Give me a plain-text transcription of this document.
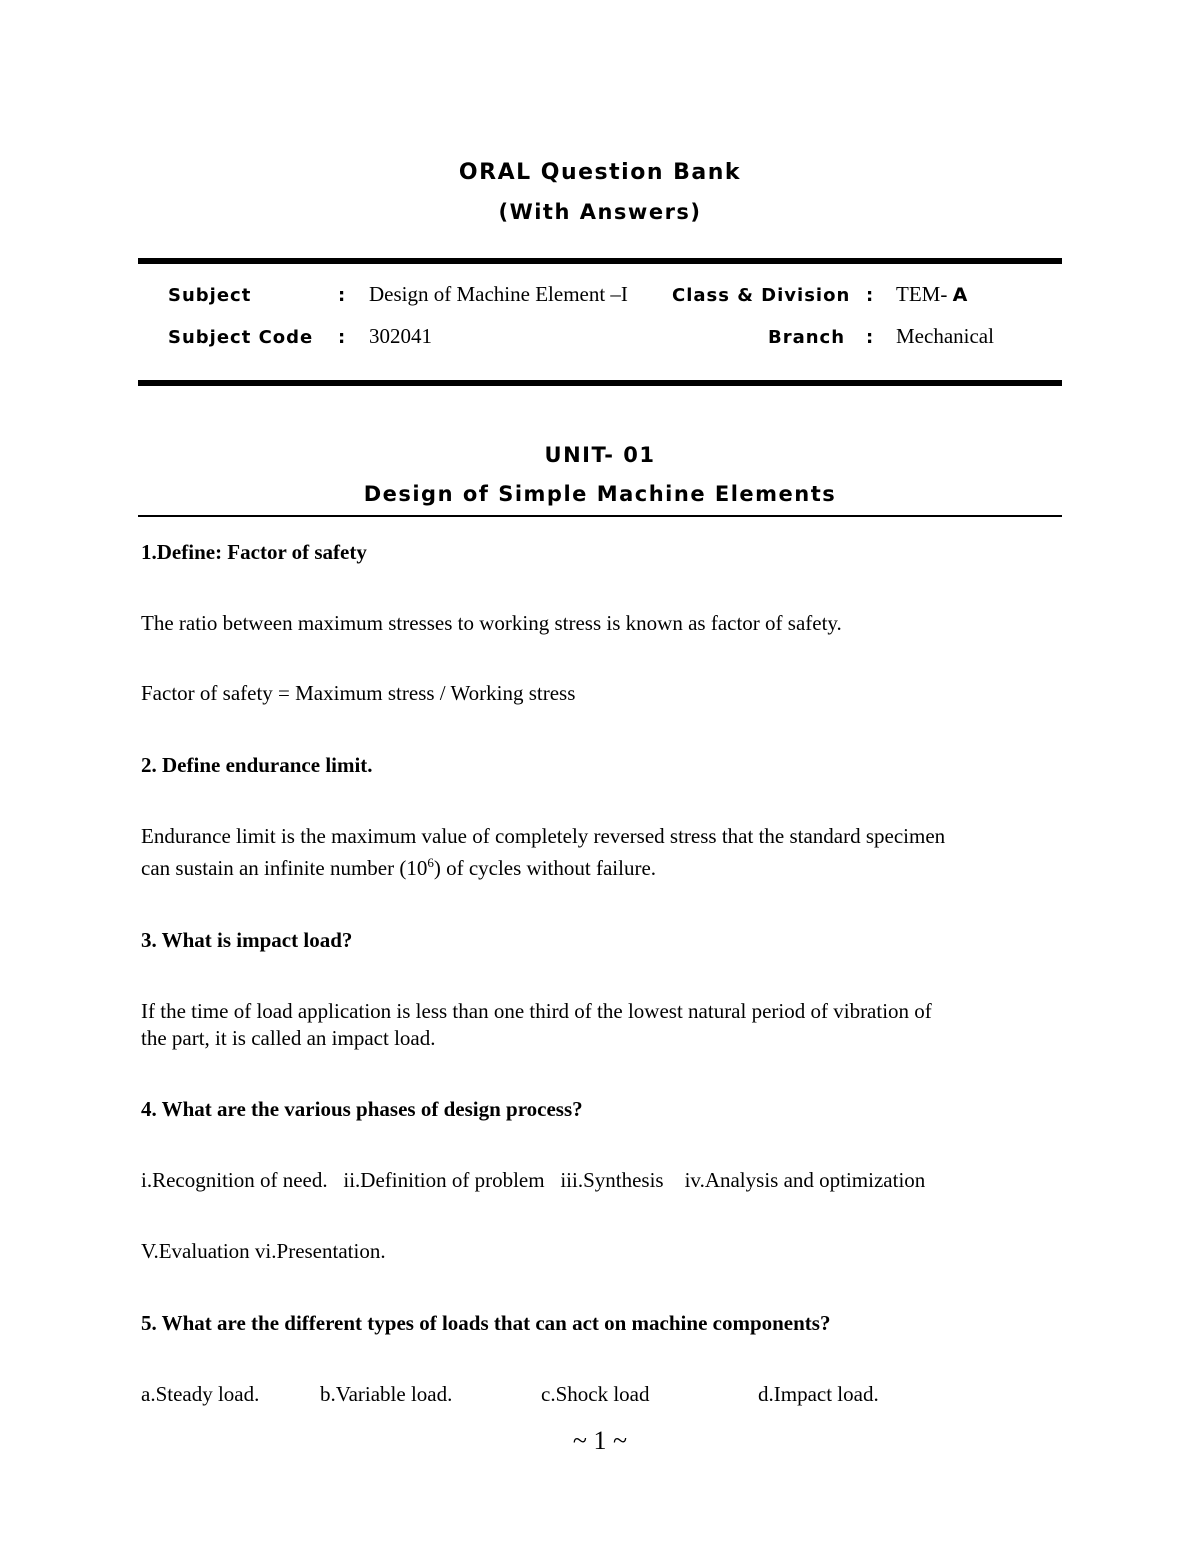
ORAL Question Bank
(With Answers)
Subject	: Design of Machine Element –I Class & Division : TEM- A
Subject Code : 302041	Branch : Mechanical
UNIT- 01
Design of Simple Machine Elements
1.Define: Factor of safety
The ratio between maximum stresses to working stress is known as factor of safety.
Factor of safety = Maximum stress / Working stress
2. Define endurance limit.
Endurance limit is the maximum value of completely reversed stress that the standard specimen
can sustain an infinite number $(10^6)$ of cycles without failure.
3. What is impact load?
If the time of load application is less than one third of the lowest natural period of vibration of
the part, it is called an impact load.
4. What are the various phases of design process?
i.Recognition of need.   ii.Definition of problem   iii.Synthesis    iv.Analysis and optimization
V.Evaluation vi.Presentation.
5. What are the different types of loads that can act on machine components?
a.Steady load.	b.Variable load.	c.Shock load	d.Impact load.
~ 1 ~
